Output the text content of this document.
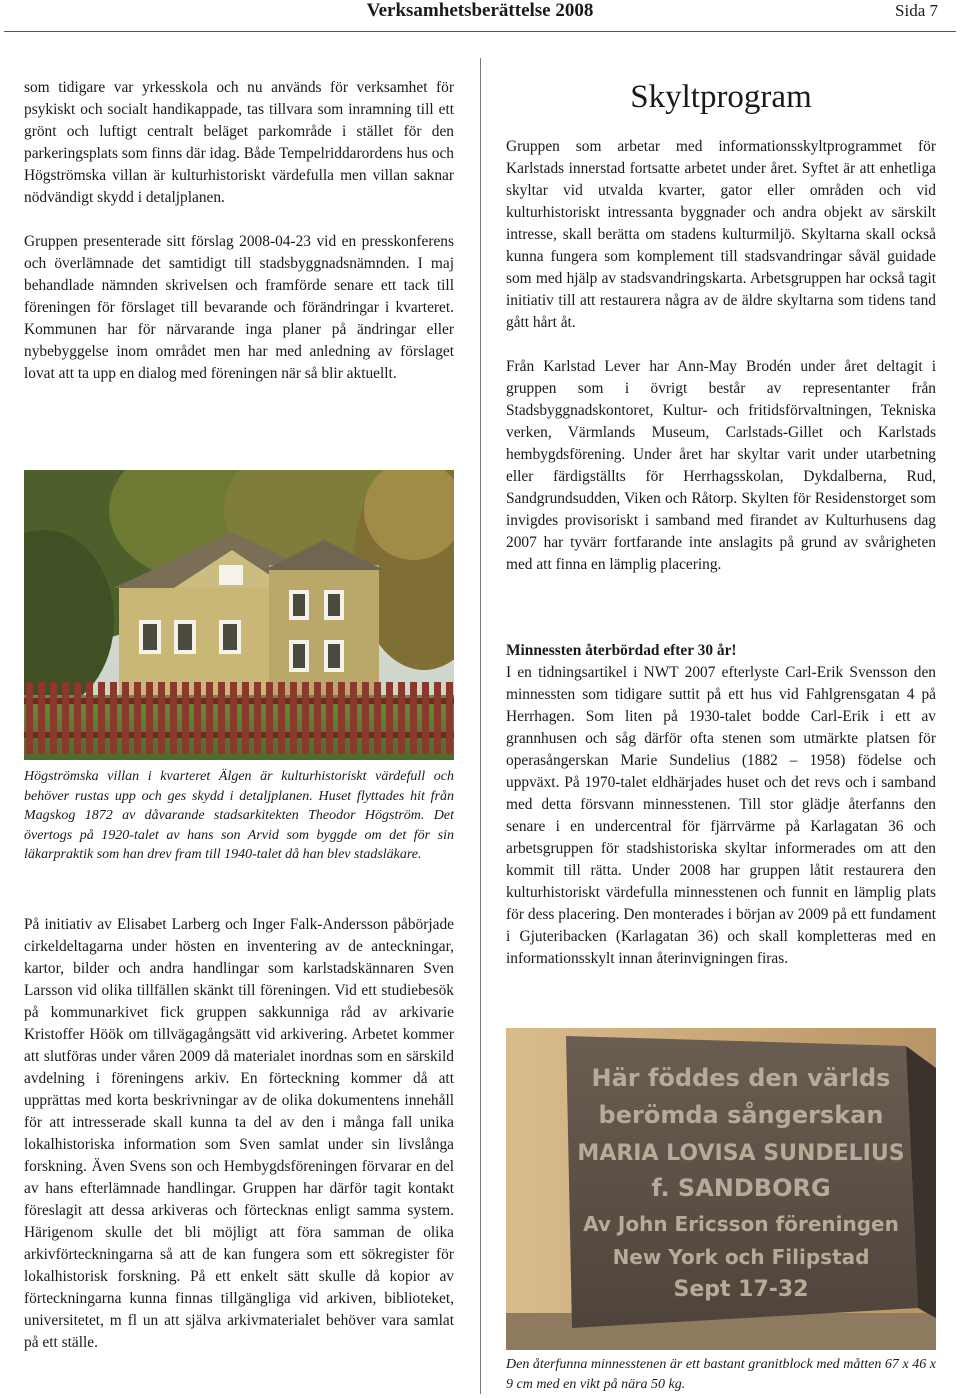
Verksamhetsberättelse 2008	Sida 7

som tidigare var yrkesskola och nu används för verksamhet för psykiskt och socialt handikappade, tas tillvara som inramning till ett grönt och luftigt centralt beläget parkområde i stället för den parkeringsplats som finns där idag. Både Tempelriddarordens hus och Högströmska villan är kulturhistoriskt värdefulla men villan saknar nödvändigt skydd i detaljplanen.

Gruppen presenterade sitt förslag 2008-04-23 vid en presskonferens och överlämnade det samtidigt till stadsbyggnadsnämnden. I maj behandlade nämnden skrivelsen och framförde senare ett tack till föreningen för förslaget till bevarande och förändringar i kvarteret. Kommunen har för närvarande inga planer på ändringar eller nybebyggelse inom området men har med anledning av förslaget lovat att ta upp en dialog med föreningen när så blir aktuellt.

Högströmska villan i kvarteret Älgen är kulturhistoriskt värdefull och behöver rustas upp och ges skydd i detaljplanen. Huset flyttades hit från Magskog 1872 av dåvarande stadsarkitekten Theodor Högström. Det övertogs på 1920-talet av hans son Arvid som byggde om det för sin läkarpraktik som han drev fram till 1940-talet då han blev stadsläkare.

På initiativ av Elisabet Larberg och Inger Falk-Andersson påbörjade cirkeldeltagarna under hösten en inventering av de anteckningar, kartor, bilder och andra handlingar som karlstadskännaren Sven Larsson vid olika tillfällen skänkt till föreningen. Vid ett studiebesök på kommunarkivet fick gruppen sakkunniga råd av arkivarie Kristoffer Höök om tillvägagångsätt vid arkivering. Arbetet kommer att slutföras under våren 2009 då materialet inordnas som en särskild avdelning i föreningens arkiv. En förteckning kommer då att upprättas med korta beskrivningar av de olika dokumentens innehåll för att intresserade skall kunna ta del av den i många fall unika lokalhistoriska information som Sven samlat under sin livslånga forskning. Även Svens son och Hembygdsföreningen förvarar en del av hans efterlämnade handlingar. Gruppen har därför tagit kontakt föreslagit att dessa arkiveras och förtecknas enligt samma system. Härigenom skulle det bli möjligt att föra samman de olika arkivförteckningarna så att de kan fungera som ett sökregister för lokalhistorisk forskning. På ett enkelt sätt skulle då kopior av förteckningarna kunna finnas tillgängliga vid arkiven, biblioteket, universitetet, m fl un att själva arkivmaterialet behöver vara samlat på ett ställe.

Skyltprogram

Gruppen som arbetar med informationsskyltprogrammet för Karlstads innerstad fortsatte arbetet under året. Syftet är att enhetliga skyltar vid utvalda kvarter, gator eller områden och vid kulturhistoriskt intressanta byggnader och andra objekt av särskilt intresse, skall berätta om stadens kulturmiljö. Skyltarna skall också kunna fungera som komplement till stadsvandringar såväl guidade som med hjälp av stadsvandringskarta. Arbetsgruppen har också tagit initiativ till att restaurera några av de äldre skyltarna som tidens tand gått hårt åt.

Från Karlstad Lever har Ann-May Brodén under året deltagit i gruppen som i övrigt består av representanter från Stadsbyggnadskontoret, Kultur- och fritidsförvaltningen, Tekniska verken, Värmlands Museum, Carlstads-Gillet och Karlstads hembygdsförening. Under året har skyltar varit under utarbetning eller färdigställts för Herrhagsskolan, Dykdalberna, Rud, Sandgrundsudden, Viken och Råtorp. Skylten för Residenstorget som invigdes provisoriskt i samband med firandet av Kulturhusens dag 2007 har tyvärr fortfarande inte anslagits på grund av svårigheten med att finna en lämplig placering.

Minnessten återbördad efter 30 år!

I en tidningsartikel i NWT 2007 efterlyste Carl-Erik Svensson den minnessten som tidigare suttit på ett hus vid Fahlgrensgatan 4 på Herrhagen. Som liten på 1930-talet bodde Carl-Erik i ett av grannhusen och såg därför ofta stenen som utmärkte platsen för operasångerskan Marie Sundelius (1882 – 1958) födelse och uppväxt. På 1970-talet eldhärjades huset och det revs och i samband med detta försvann minnesstenen. Till stor glädje återfanns den senare i en undercentral för fjärrvärme på Karlagatan 36 och arbetsgruppen för stadshistoriska skyltar informerades om att den kommit till rätta. Under 2008 har gruppen låtit restaurera den kulturhistoriskt värdefulla minnesstenen och funnit en lämplig plats för dess placering. Den monterades i början av 2009 på ett fundament i Gjuteribacken (Karlagatan 36) och skall kompletteras med en informationsskylt innan återinvigningen firas.

Här föddes den världs
berömda sångerskan
MARIA LOVISA SUNDELIUS
f. SANDBORG
Av John Ericsson föreningen
New York och Filipstad
Sept 17-32

Den återfunna minnesstenen är ett bastant granitblock med måtten 67 x 46 x 9 cm med en vikt på nära 50 kg.
